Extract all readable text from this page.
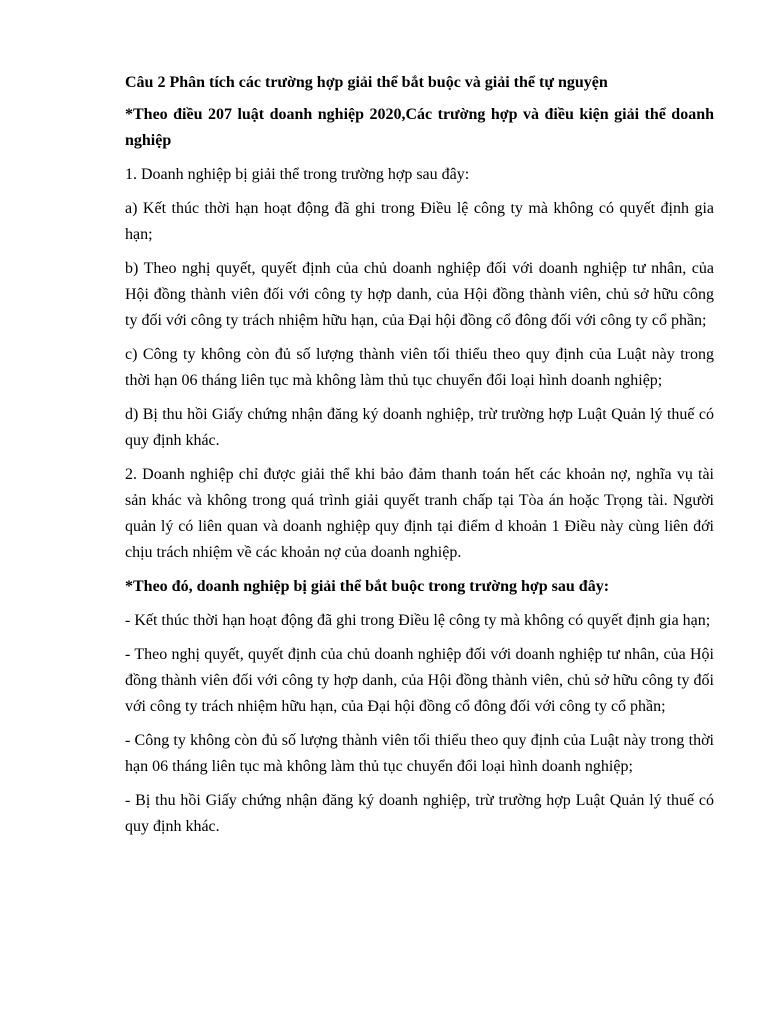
Câu 2 Phân tích các trường hợp giải thể bắt buộc và giải thể tự nguyện

*Theo điều 207 luật doanh nghiệp 2020,Các trường hợp và điều kiện giải thể doanh nghiệp

1. Doanh nghiệp bị giải thể trong trường hợp sau đây:

a) Kết thúc thời hạn hoạt động đã ghi trong Điều lệ công ty mà không có quyết định gia hạn;

b) Theo nghị quyết, quyết định của chủ doanh nghiệp đối với doanh nghiệp tư nhân, của Hội đồng thành viên đối với công ty hợp danh, của Hội đồng thành viên, chủ sở hữu công ty đối với công ty trách nhiệm hữu hạn, của Đại hội đồng cổ đông đối với công ty cổ phần;

c) Công ty không còn đủ số lượng thành viên tối thiểu theo quy định của Luật này trong thời hạn 06 tháng liên tục mà không làm thủ tục chuyển đổi loại hình doanh nghiệp;

d) Bị thu hồi Giấy chứng nhận đăng ký doanh nghiệp, trừ trường hợp Luật Quản lý thuế có quy định khác.

2. Doanh nghiệp chỉ được giải thể khi bảo đảm thanh toán hết các khoản nợ, nghĩa vụ tài sản khác và không trong quá trình giải quyết tranh chấp tại Tòa án hoặc Trọng tài. Người quản lý có liên quan và doanh nghiệp quy định tại điểm d khoản 1 Điều này cùng liên đới chịu trách nhiệm về các khoản nợ của doanh nghiệp.

*Theo đó, doanh nghiệp bị giải thể bắt buộc trong trường hợp sau đây:

- Kết thúc thời hạn hoạt động đã ghi trong Điều lệ công ty mà không có quyết định gia hạn;

- Theo nghị quyết, quyết định của chủ doanh nghiệp đối với doanh nghiệp tư nhân, của Hội đồng thành viên đối với công ty hợp danh, của Hội đồng thành viên, chủ sở hữu công ty đối với công ty trách nhiệm hữu hạn, của Đại hội đồng cổ đông đối với công ty cổ phần;

- Công ty không còn đủ số lượng thành viên tối thiểu theo quy định của Luật này trong thời hạn 06 tháng liên tục mà không làm thủ tục chuyển đổi loại hình doanh nghiệp;

- Bị thu hồi Giấy chứng nhận đăng ký doanh nghiệp, trừ trường hợp Luật Quản lý thuế có quy định khác.
